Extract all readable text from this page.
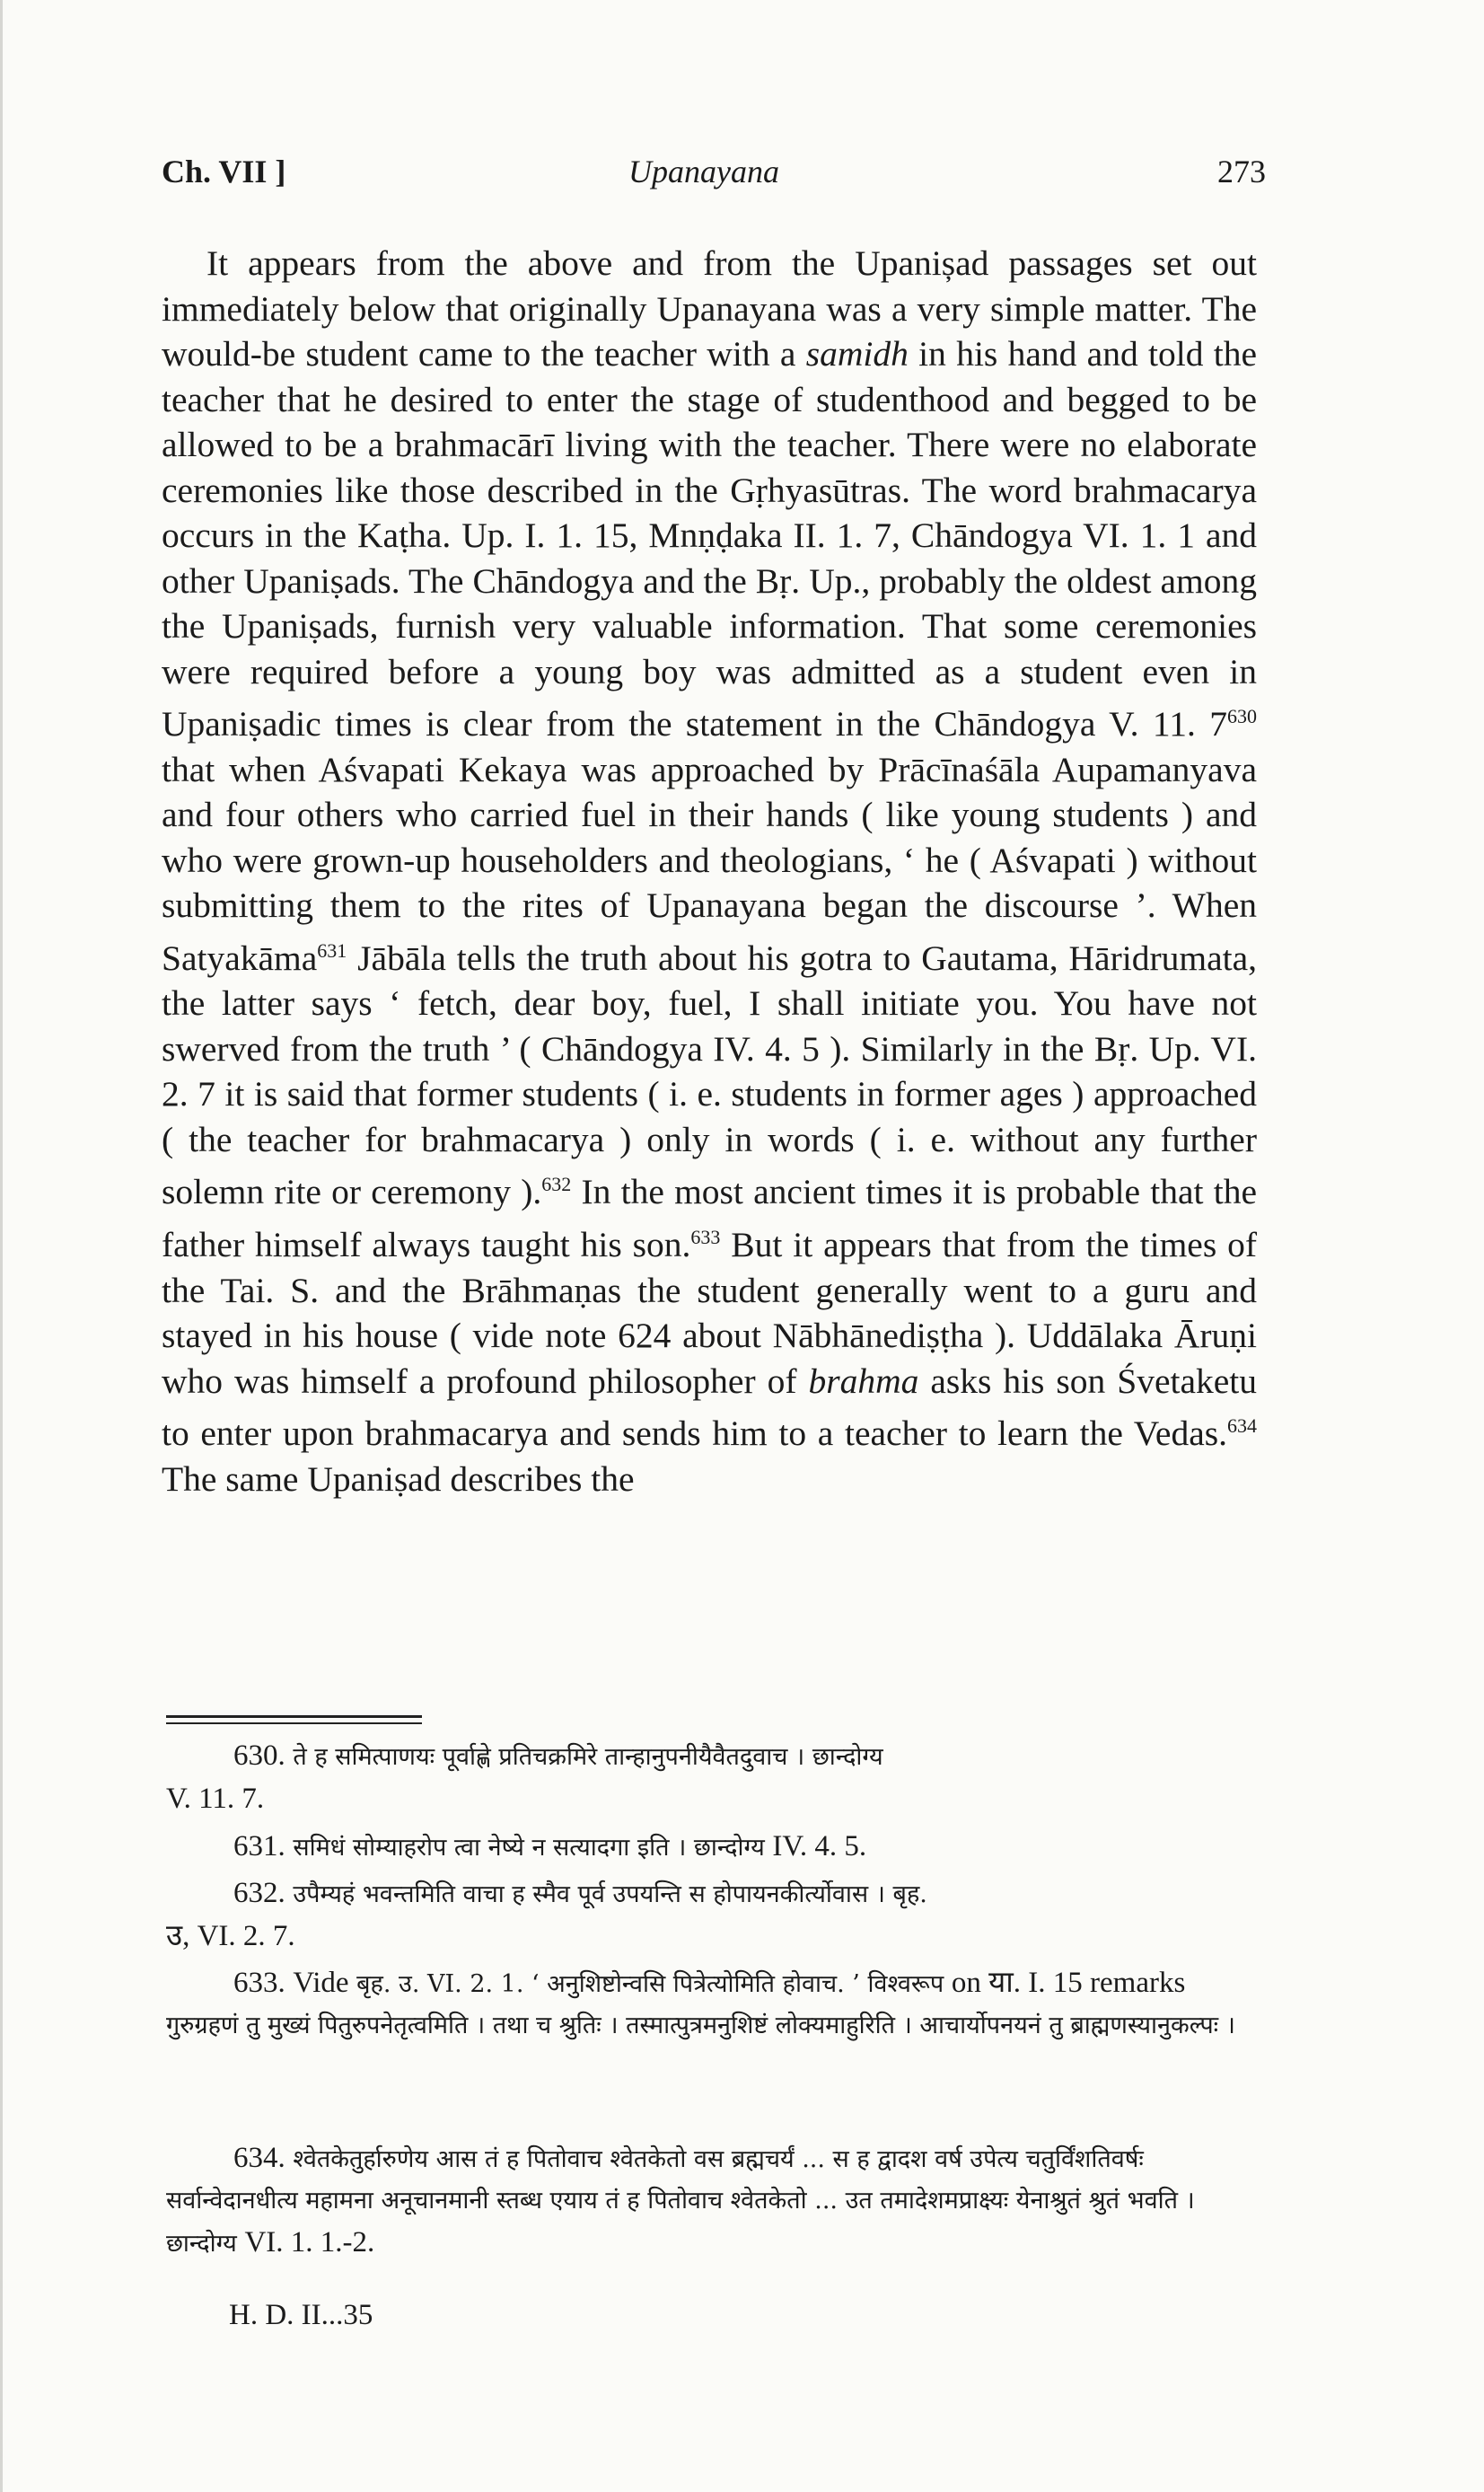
Ch. VII ]	Upanayana	273
It appears from the above and from the Upanișad passages set out immediately below that originally Upanayana was a very simple matter. The would-be student came to the teacher with a samidh in his hand and told the teacher that he desired to enter the stage of studenthood and begged to be allowed to be a brahmacārī living with the teacher. There were no elaborate ceremonies like those described in the Gṛhyasūtras. The word brahmacarya occurs in the Kaṭha. Up. I. 1. 15, Mnṇḍaka II. 1. 7, Chāndogya VI. 1. 1 and other Upaniṣads. The Chāndogya and the Bṛ. Up., probably the oldest among the Upaniṣads, furnish very valuable information. That some ceremonies were required before a young boy was admitted as a student even in Upaniṣadic times is clear from the statement in the Chāndogya V. 11. $7^{630}$ that when Aśvapati Kekaya was approached by Prācīnaśāla Aupamanyava and four others who carried fuel in their hands ( like young students ) and who were grown-up householders and theologians, ‘ he ( Aśvapati ) without submitting them to the rites of Upanayana began the discourse ’. When Satyakāma$^{631}$ Jābāla tells the truth about his gotra to Gautama, Hāridrumata, the latter says ‘ fetch, dear boy, fuel, I shall initiate you. You have not swerved from the truth ’ ( Chāndogya IV. 4. 5 ). Similarly in the Bṛ. Up. VI. 2. 7 it is said that former students ( i. e. students in former ages ) approached ( the teacher for brahmacarya ) only in words ( i. e. without any further solemn rite or ceremony ).$^{632}$ In the most ancient times it is probable that the father himself always taught his son.$^{633}$ But it appears that from the times of the Tai. S. and the Brāhmaṇas the student generally went to a guru and stayed in his house ( vide note 624 about Nābhānediṣṭha ). Uddālaka Āruṇi who was himself a profound philosopher of brahma asks his son Śvetaketu to enter upon brahmacarya and sends him to a teacher to learn the Vedas.$^{634}$ The same Upaniṣad describes the

630. ते ह समित्पाणयः पूर्वाह्णे प्रतिचक्रमिरे तान्हानुपनीयैवैतदुवाच । छान्दोग्य

V. 11. 7.

631. समिधं सोम्याहरोप त्वा नेष्ये न सत्यादगा इति । छान्दोग्य IV. 4. 5.

632. उपैम्यहं भवन्तमिति वाचा ह स्मैव पूर्व उपयन्ति स होपायनकीर्त्योवास । बृह.

उ, VI. 2. 7.

633. Vide बृह. उ. VI. 2. 1. ‘ अनुशिष्टोन्वसि पित्रेत्योमिति होवाच. ’ विश्वरूप on या. I. 15 remarks गुरुग्रहणं तु मुख्यं पितुरुपनेतृत्वमिति । तथा च श्रुतिः । तस्मात्पुत्रमनुशिष्टं लोक्यमाहुरिति । आचार्योपनयनं तु ब्राह्मणस्यानुकल्पः ।

634. श्वेतकेतुर्हारुणेय आस तं ह पितोवाच श्वेतकेतो वस ब्रह्मचर्यं ... स ह द्वादश वर्ष उपेत्य चतुर्विंशतिवर्षः सर्वान्वेदानधीत्य महामना अनूचानमानी स्तब्ध एयाय तं ह पितोवाच श्वेतकेतो ... उत तमादेशमप्राक्ष्यः येनाश्रुतं श्रुतं भवति । छान्दोग्य VI. 1. 1.-2.

H. D. II...35
